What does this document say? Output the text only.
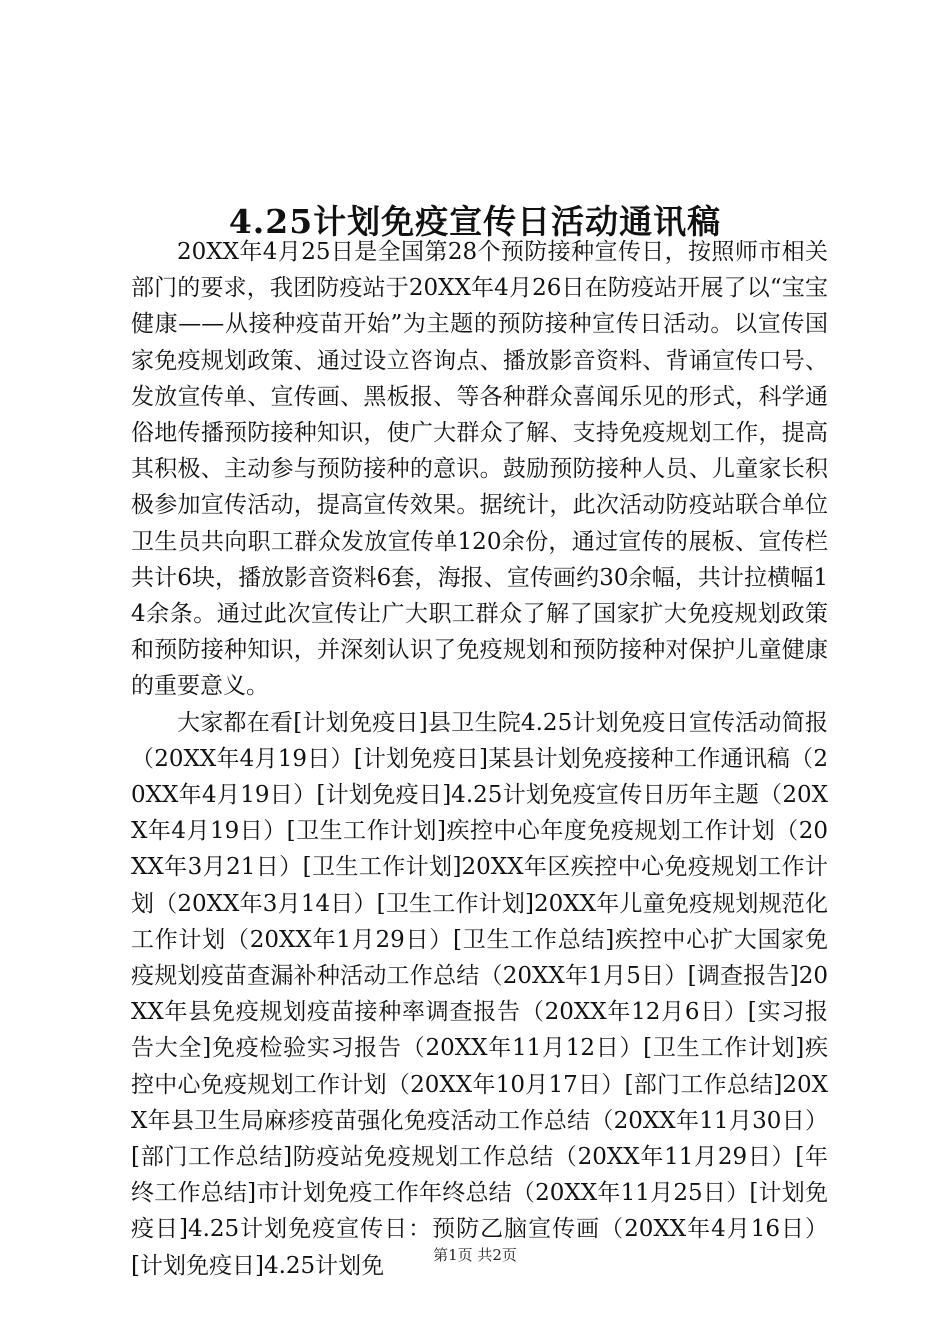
4.25计划免疫宣传日活动通讯稿

20XX年4月25日是全国第28个预防接种宣传日，按照师市相关部门的要求，我团防疫站于20XX年4月26日在防疫站开展了以“宝宝健康——从接种疫苗开始”为主题的预防接种宣传日活动。以宣传国家免疫规划政策、通过设立咨询点、播放影音资料、背诵宣传口号、发放宣传单、宣传画、黑板报、等各种群众喜闻乐见的形式，科学通俗地传播预防接种知识，使广大群众了解、支持免疫规划工作，提高其积极、主动参与预防接种的意识。鼓励预防接种人员、儿童家长积极参加宣传活动，提高宣传效果。据统计，此次活动防疫站联合单位卫生员共向职工群众发放宣传单120余份，通过宣传的展板、宣传栏共计6块，播放影音资料6套，海报、宣传画约30余幅，共计拉横幅14余条。通过此次宣传让广大职工群众了解了国家扩大免疫规划政策和预防接种知识，并深刻认识了免疫规划和预防接种对保护儿童健康的重要意义。

大家都在看[计划免疫日]县卫生院4.25计划免疫日宣传活动简报（20XX年4月19日）[计划免疫日]某县计划免疫接种工作通讯稿（20XX年4月19日）[计划免疫日]4.25计划免疫宣传日历年主题（20XX年4月19日）[卫生工作计划]疾控中心年度免疫规划工作计划（20XX年3月21日）[卫生工作计划]20XX年区疾控中心免疫规划工作计划（20XX年3月14日）[卫生工作计划]20XX年儿童免疫规划规范化工作计划（20XX年1月29日）[卫生工作总结]疾控中心扩大国家免疫规划疫苗查漏补种活动工作总结（20XX年1月5日）[调查报告]20XX年县免疫规划疫苗接种率调查报告（20XX年12月6日）[实习报告大全]免疫检验实习报告（20XX年11月12日）[卫生工作计划]疾控中心免疫规划工作计划（20XX年10月17日）[部门工作总结]20XX年县卫生局麻疹疫苗强化免疫活动工作总结（20XX年11月30日）[部门工作总结]防疫站免疫规划工作总结（20XX年11月29日）[年终工作总结]市计划免疫工作年终总结（20XX年11月25日）[计划免疫日]4.25计划免疫宣传日：预防乙脑宣传画（20XX年4月16日）[计划免疫日]4.25计划免	第1页 共2页
